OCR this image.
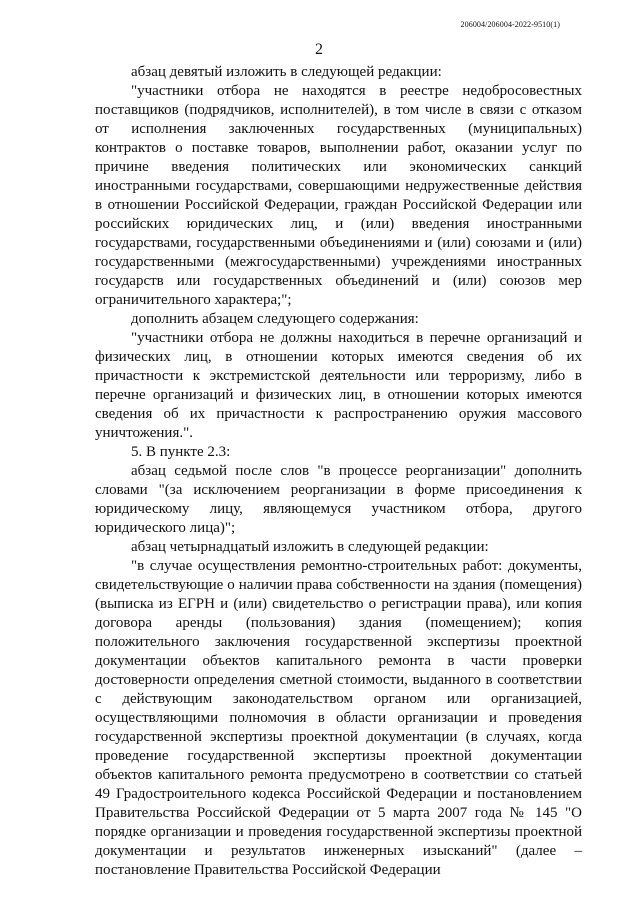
206004/206004-2022-9510(1)
2

абзац девятый изложить в следующей редакции:

"участники отбора не находятся в реестре недобросовестных поставщиков (подрядчиков, исполнителей), в том числе в связи с отказом от исполнения заключенных государственных (муниципальных) контрактов о поставке товаров, выполнении работ, оказании услуг по причине введения политических или экономических санкций иностранными государствами, совершающими недружественные действия в отношении Российской Федерации, граждан Российской Федерации или российских юридических лиц, и (или) введения иностранными государствами, государственными объединениями и (или) союзами и (или) государственными (межгосударственными) учреждениями иностранных государств или государственных объединений и (или) союзов мер ограничительного характера;";

дополнить абзацем следующего содержания:

"участники отбора не должны находиться в перечне организаций и физических лиц, в отношении которых имеются сведения об их причастности к экстремистской деятельности или терроризму, либо в перечне организаций и физических лиц, в отношении которых имеются сведения об их причастности к распространению оружия массового уничтожения.".

5. В пункте 2.3:

абзац седьмой после слов "в процессе реорганизации" дополнить словами "(за исключением реорганизации в форме присоединения к юридическому лицу, являющемуся участником отбора, другого юридического лица)";

абзац четырнадцатый изложить в следующей редакции:

"в случае осуществления ремонтно-строительных работ: документы, свидетельствующие о наличии права собственности на здания (помещения) (выписка из ЕГРН и (или) свидетельство о регистрации права), или копия договора аренды (пользования) здания (помещением); копия положительного заключения государственной экспертизы проектной документации объектов капитального ремонта в части проверки достоверности определения сметной стоимости, выданного в соответствии с действующим законодательством органом или организацией, осуществляющими полномочия в области организации и проведения государственной экспертизы проектной документации (в случаях, когда проведение государственной экспертизы проектной документации объектов капитального ремонта предусмотрено в соответствии со статьей 49 Градостроительного кодекса Российской Федерации и постановлением Правительства Российской Федерации от 5 марта 2007 года № 145 "О порядке организации и проведения государственной экспертизы проектной документации и результатов инженерных изысканий" (далее – постановление Правительства Российской Федерации
